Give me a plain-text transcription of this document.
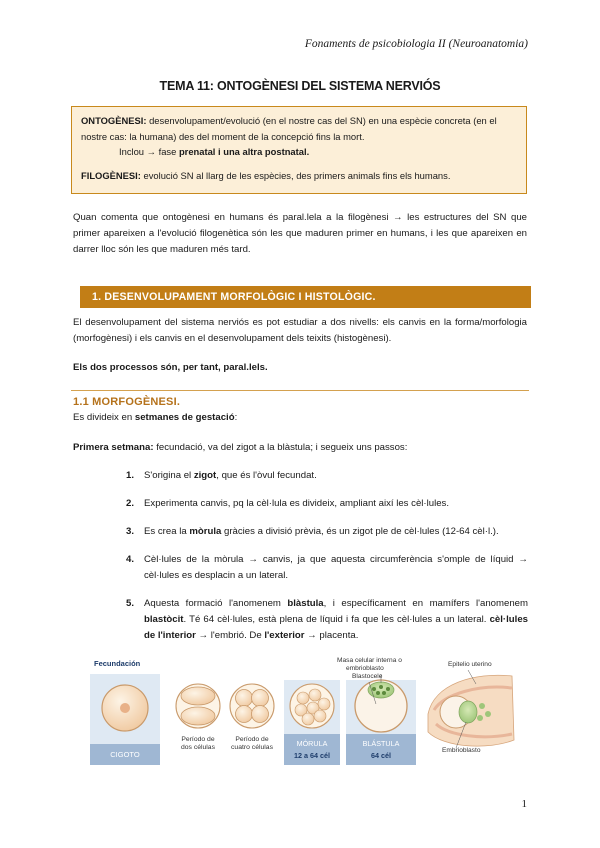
Fonaments de psicobiologia II (Neuroanatomia)
TEMA 11: ONTOGÈNESI DEL SISTEMA NERVIÓS

ONTOGÈNESI: desenvolupament/evolució (en el nostre cas del SN) en una espècie concreta (en el nostre cas: la humana) des del moment de la concepció fins la mort.

Inclou → fase prenatal i una altra postnatal.

FILOGÈNESI: evolució SN al llarg de les espècies, des primers animals fins els humans.

Quan comenta que ontogènesi en humans és paral.lela a la filogènesi → les estructures del SN que primer apareixen a l'evolució filogenètica són les que maduren primer en humans, i les que apareixen en darrer lloc són les que maduren més tard.
1. DESENVOLUPAMENT MORFOLÒGIC I HISTOLÒGIC.
El desenvolupament del sistema nerviós es pot estudiar a dos nivells: els canvis en la forma/morfologia (morfogènesi) i els canvis en el desenvolupament dels teixits (histogènesi).
Els dos processos són, per tant, paral.lels.
1.1 MORFOGÈNESI.
Es divideix en setmanes de gestació:
Primera setmana: fecundació, va del zigot a la blàstula; i segueix uns passos:
1. S'origina el zigot, que és l'òvul fecundat.
2. Experimenta canvis, pq la cèl·lula es divideix, ampliant així les cèl·lules.
3. Es crea la mòrula gràcies a divisió prèvia, és un zigot ple de cèl·lules (12-64 cèl·l.).
4. Cèl·lules de la mòrula → canvis, ja que aquesta circumferència s'omple de líquid → cèl·lules es desplacin a un lateral.
5. Aquesta formació l'anomenem blàstula, i específicament en mamífers l'anomenem blastòcit. Té 64 cèl·lules, està plena de líquid i fa que les cèl·lules a un lateral. cèl·lules de l'interior → l'embrió. De l'exterior → placenta.
Fecundación
CIGOTO
Período de
dos células
Período de
cuatro células	MÓRULA
12 a 64 cél
BLÁSTULA
64 cél
Masa celular interna o
embrioblasto
Blastocele
Epitelio uterino
Embrioblasto
1
